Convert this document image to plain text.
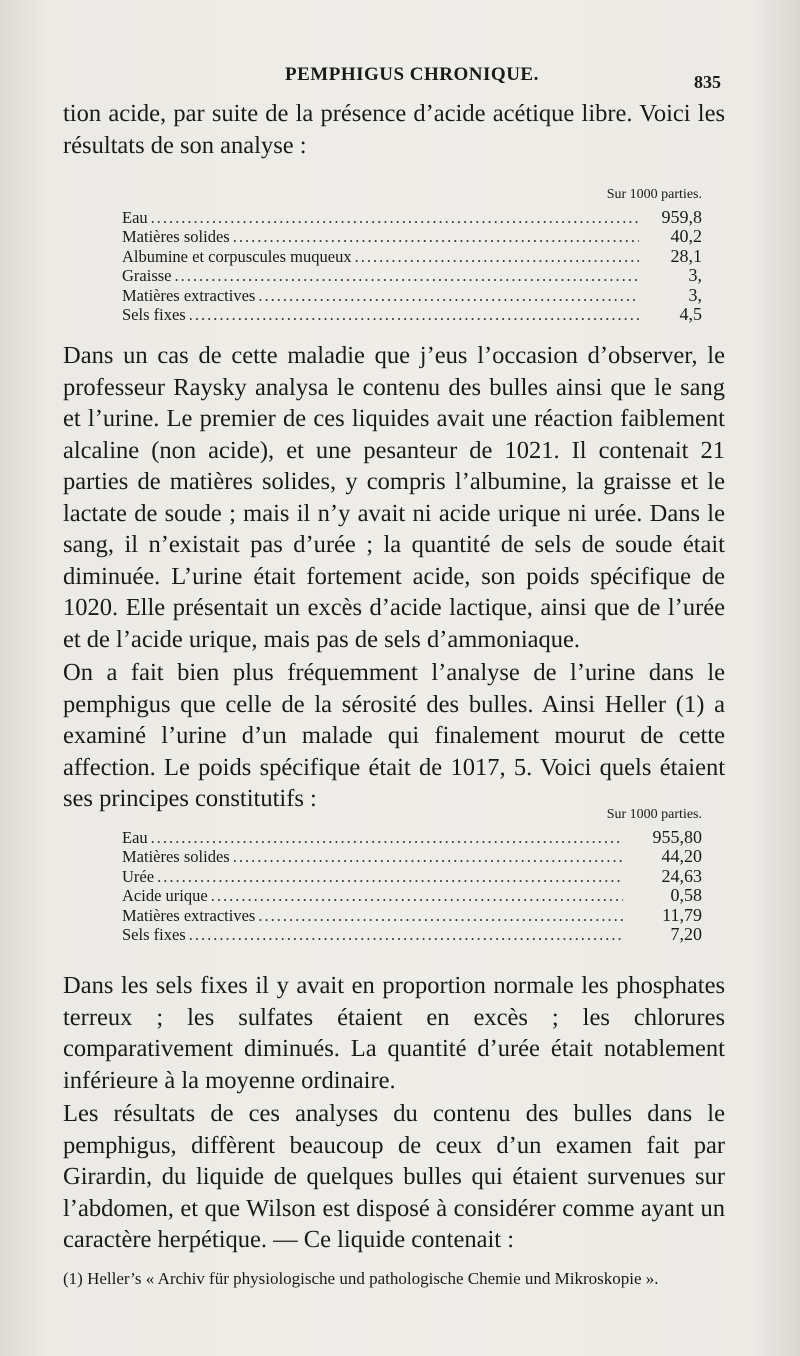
PEMPHIGUS CHRONIQUE.	835

tion acide, par suite de la présence d’acide acétique libre. Voici les résultats de son analyse :

Sur 1000 parties.
Eau .....	959,8
Matières solides .....	40,2
Albumine et corpuscules muqueux .....	28,1
Graisse .....	3,
Matières extractives .....	3,
Sels fixes .....	4,5

Dans un cas de cette maladie que j’eus l’occasion d’observer, le professeur Raysky analysa le contenu des bulles ainsi que le sang et l’urine. Le premier de ces liquides avait une réaction faiblement alcaline (non acide), et une pesanteur de 1021. Il contenait 21 parties de matières solides, y compris l’albumine, la graisse et le lactate de soude ; mais il n’y avait ni acide urique ni urée. Dans le sang, il n’existait pas d’urée ; la quantité de sels de soude était diminuée. L’urine était fortement acide, son poids spécifique de 1020. Elle présentait un excès d’acide lactique, ainsi que de l’urée et de l’acide urique, mais pas de sels d’ammoniaque.

On a fait bien plus fréquemment l’analyse de l’urine dans le pemphigus que celle de la sérosité des bulles. Ainsi Heller (1) a examiné l’urine d’un malade qui finalement mourut de cette affection. Le poids spécifique était de 1017, 5. Voici quels étaient ses principes constitutifs :

Sur 1000 parties.
Eau .....	955,80
Matières solides .....	44,20
Urée .....	24,63
Acide urique .....	0,58
Matières extractives .....	11,79
Sels fixes .....	7,20

Dans les sels fixes il y avait en proportion normale les phosphates terreux ; les sulfates étaient en excès ; les chlorures comparativement diminués. La quantité d’urée était notablement inférieure à la moyenne ordinaire.

Les résultats de ces analyses du contenu des bulles dans le pemphigus, diffèrent beaucoup de ceux d’un examen fait par Girardin, du liquide de quelques bulles qui étaient survenues sur l’abdomen, et que Wilson est disposé à considérer comme ayant un caractère herpétique. — Ce liquide contenait :

(1) Heller’s « Archiv für physiologische und pathologische Chemie und Mikroskopie ».
